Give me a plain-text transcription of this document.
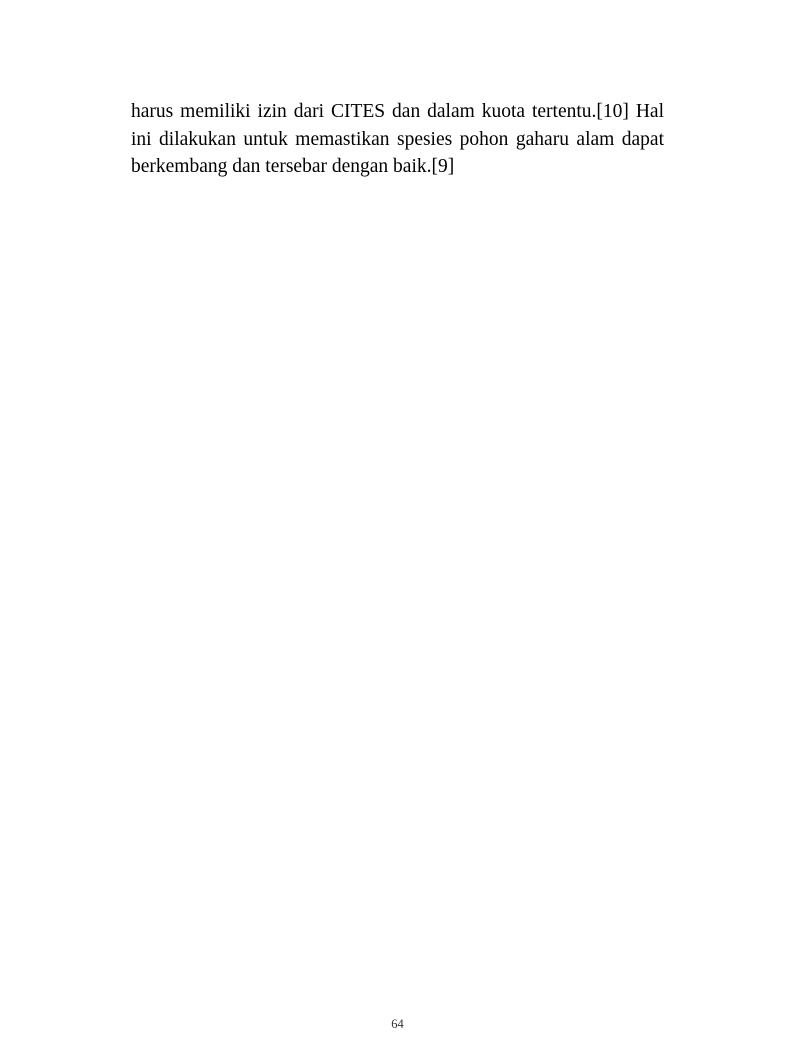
harus memiliki izin dari CITES dan dalam kuota tertentu.[10] Hal ini dilakukan untuk memastikan spesies pohon gaharu alam dapat berkembang dan tersebar dengan baik.[9]

64
